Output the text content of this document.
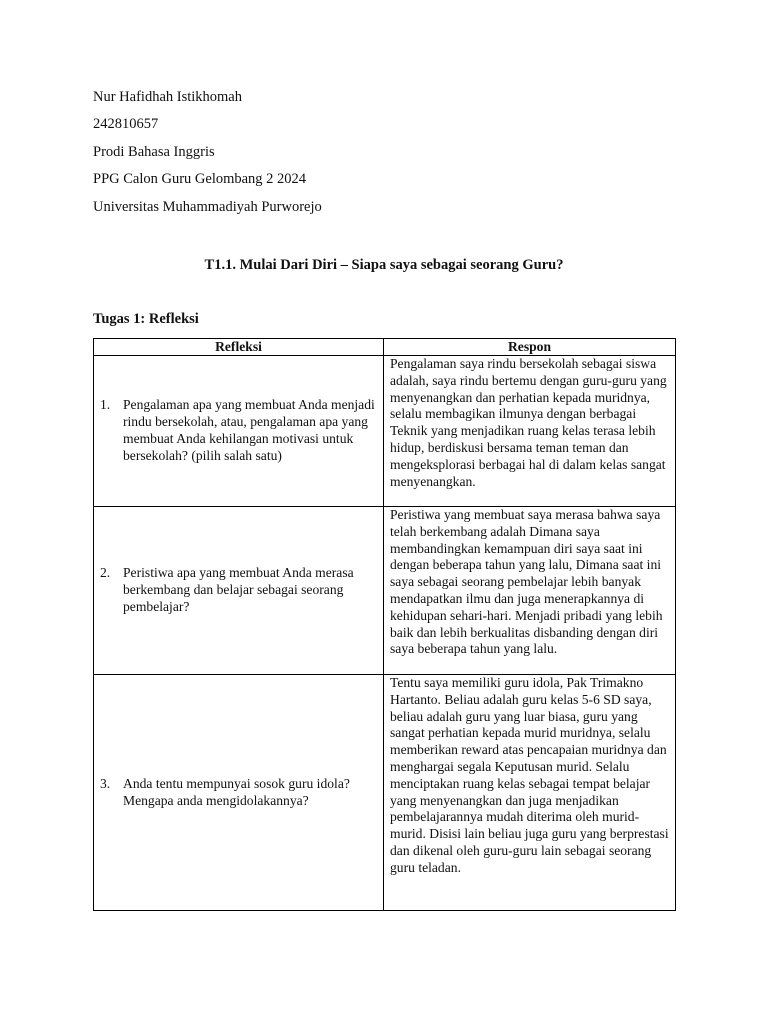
Nur Hafidhah Istikhomah

242810657

Prodi Bahasa Inggris

PPG Calon Guru Gelombang 2 2024

Universitas Muhammadiyah Purworejo

T1.1. Mulai Dari Diri – Siapa saya sebagai seorang Guru?
Tugas 1: Refleksi
Refleksi	Respon

1. Pengalaman apa yang membuat Anda menjadi rindu bersekolah, atau, pengalaman apa yang membuat Anda kehilangan motivasi untuk bersekolah? (pilih salah satu)	Pengalaman saya rindu bersekolah sebagai siswa adalah, saya rindu bertemu dengan guru-guru yang menyenangkan dan perhatian kepada muridnya, selalu membagikan ilmunya dengan berbagai Teknik yang menjadikan ruang kelas terasa lebih hidup, berdiskusi bersama teman teman dan mengeksplorasi berbagai hal di dalam kelas sangat menyenangkan.

2. Peristiwa apa yang membuat Anda merasa berkembang dan belajar sebagai seorang pembelajar?	Peristiwa yang membuat saya merasa bahwa saya telah berkembang adalah Dimana saya membandingkan kemampuan diri saya saat ini dengan beberapa tahun yang lalu, Dimana saat ini saya sebagai seorang pembelajar lebih banyak mendapatkan ilmu dan juga menerapkannya di kehidupan sehari-hari. Menjadi pribadi yang lebih baik dan lebih berkualitas disbanding dengan diri saya beberapa tahun yang lalu.

3. Anda tentu mempunyai sosok guru idola? Mengapa anda mengidolakannya?	Tentu saya memiliki guru idola, Pak Trimakno Hartanto. Beliau adalah guru kelas 5-6 SD saya, beliau adalah guru yang luar biasa, guru yang sangat perhatian kepada murid muridnya, selalu memberikan reward atas pencapaian muridnya dan menghargai segala Keputusan murid. Selalu menciptakan ruang kelas sebagai tempat belajar yang menyenangkan dan juga menjadikan pembelajarannya mudah diterima oleh murid-murid. Disisi lain beliau juga guru yang berprestasi dan dikenal oleh guru-guru lain sebagai seorang guru teladan.
